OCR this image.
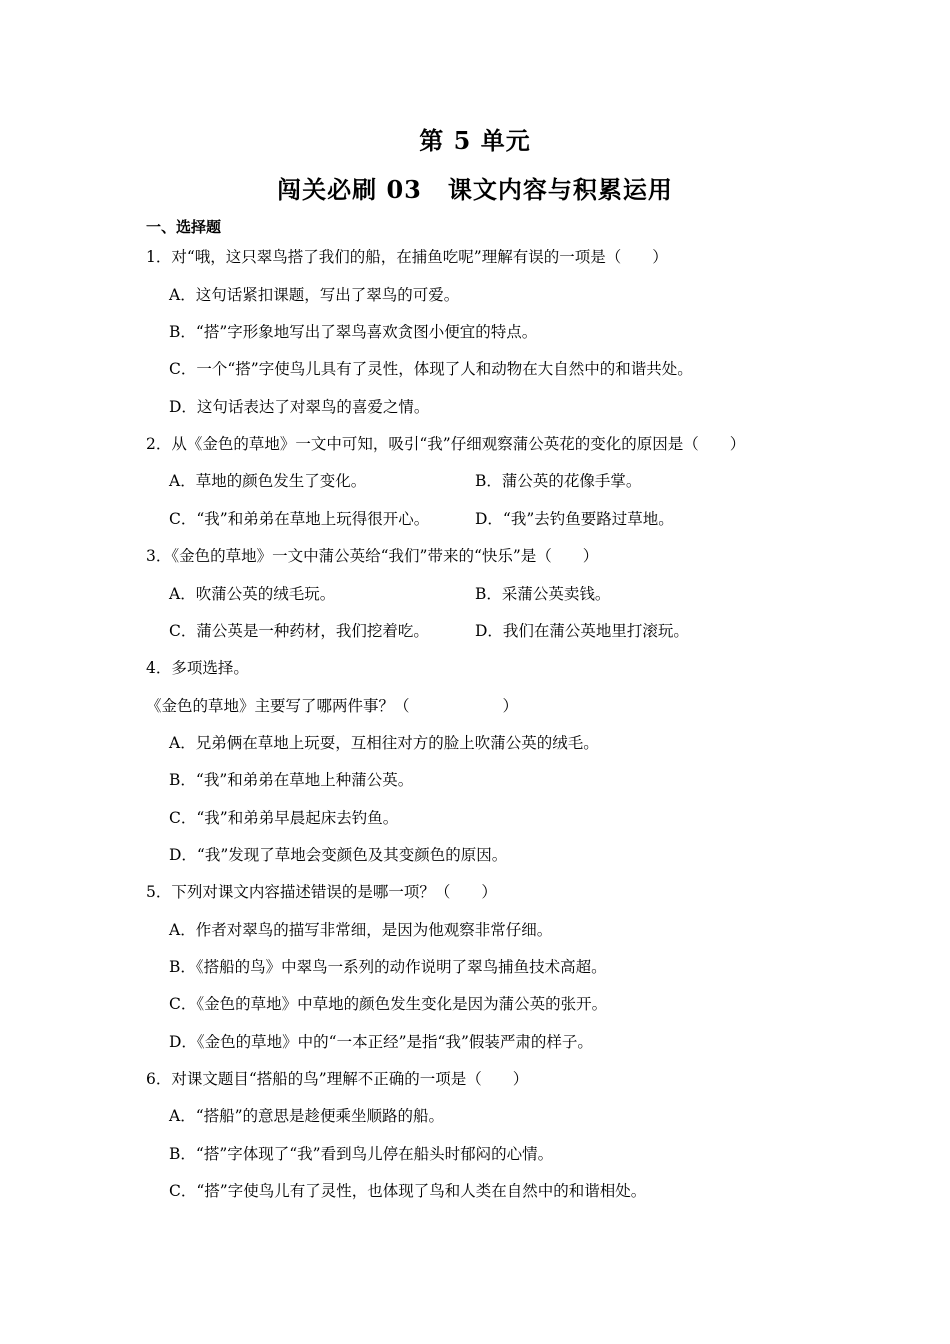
第 5 单元
闯关必刷 03 课文内容与积累运用
一、选择题
1．对“哦，这只翠鸟搭了我们的船，在捕鱼吃呢”理解有误的一项是（　　）
A．这句话紧扣课题，写出了翠鸟的可爱。
B．“搭”字形象地写出了翠鸟喜欢贪图小便宜的特点。
C．一个“搭”字使鸟儿具有了灵性，体现了人和动物在大自然中的和谐共处。
D．这句话表达了对翠鸟的喜爱之情。
2．从《金色的草地》一文中可知，吸引“我”仔细观察蒲公英花的变化的原因是（　　）
A．草地的颜色发生了变化。	B．蒲公英的花像手掌。
C．“我”和弟弟在草地上玩得很开心。	D．“我”去钓鱼要路过草地。
3．《金色的草地》一文中蒲公英给“我们”带来的“快乐”是（　　）
A．吹蒲公英的绒毛玩。	B．采蒲公英卖钱。
C．蒲公英是一种药材，我们挖着吃。	D．我们在蒲公英地里打滚玩。
4．多项选择。
《金色的草地》主要写了哪两件事？（　　　　　　）
A．兄弟俩在草地上玩耍，互相往对方的脸上吹蒲公英的绒毛。
B．“我”和弟弟在草地上种蒲公英。
C．“我”和弟弟早晨起床去钓鱼。
D．“我”发现了草地会变颜色及其变颜色的原因。
5．下列对课文内容描述错误的是哪一项？（　　）
A．作者对翠鸟的描写非常细，是因为他观察非常仔细。
B．《搭船的鸟》中翠鸟一系列的动作说明了翠鸟捕鱼技术高超。
C．《金色的草地》中草地的颜色发生变化是因为蒲公英的张开。
D．《金色的草地》中的“一本正经”是指“我”假装严肃的样子。
6．对课文题目“搭船的鸟”理解不正确的一项是（　　）
A．“搭船”的意思是趁便乘坐顺路的船。
B．“搭”字体现了“我”看到鸟儿停在船头时郁闷的心情。
C．“搭”字使鸟儿有了灵性，也体现了鸟和人类在自然中的和谐相处。
